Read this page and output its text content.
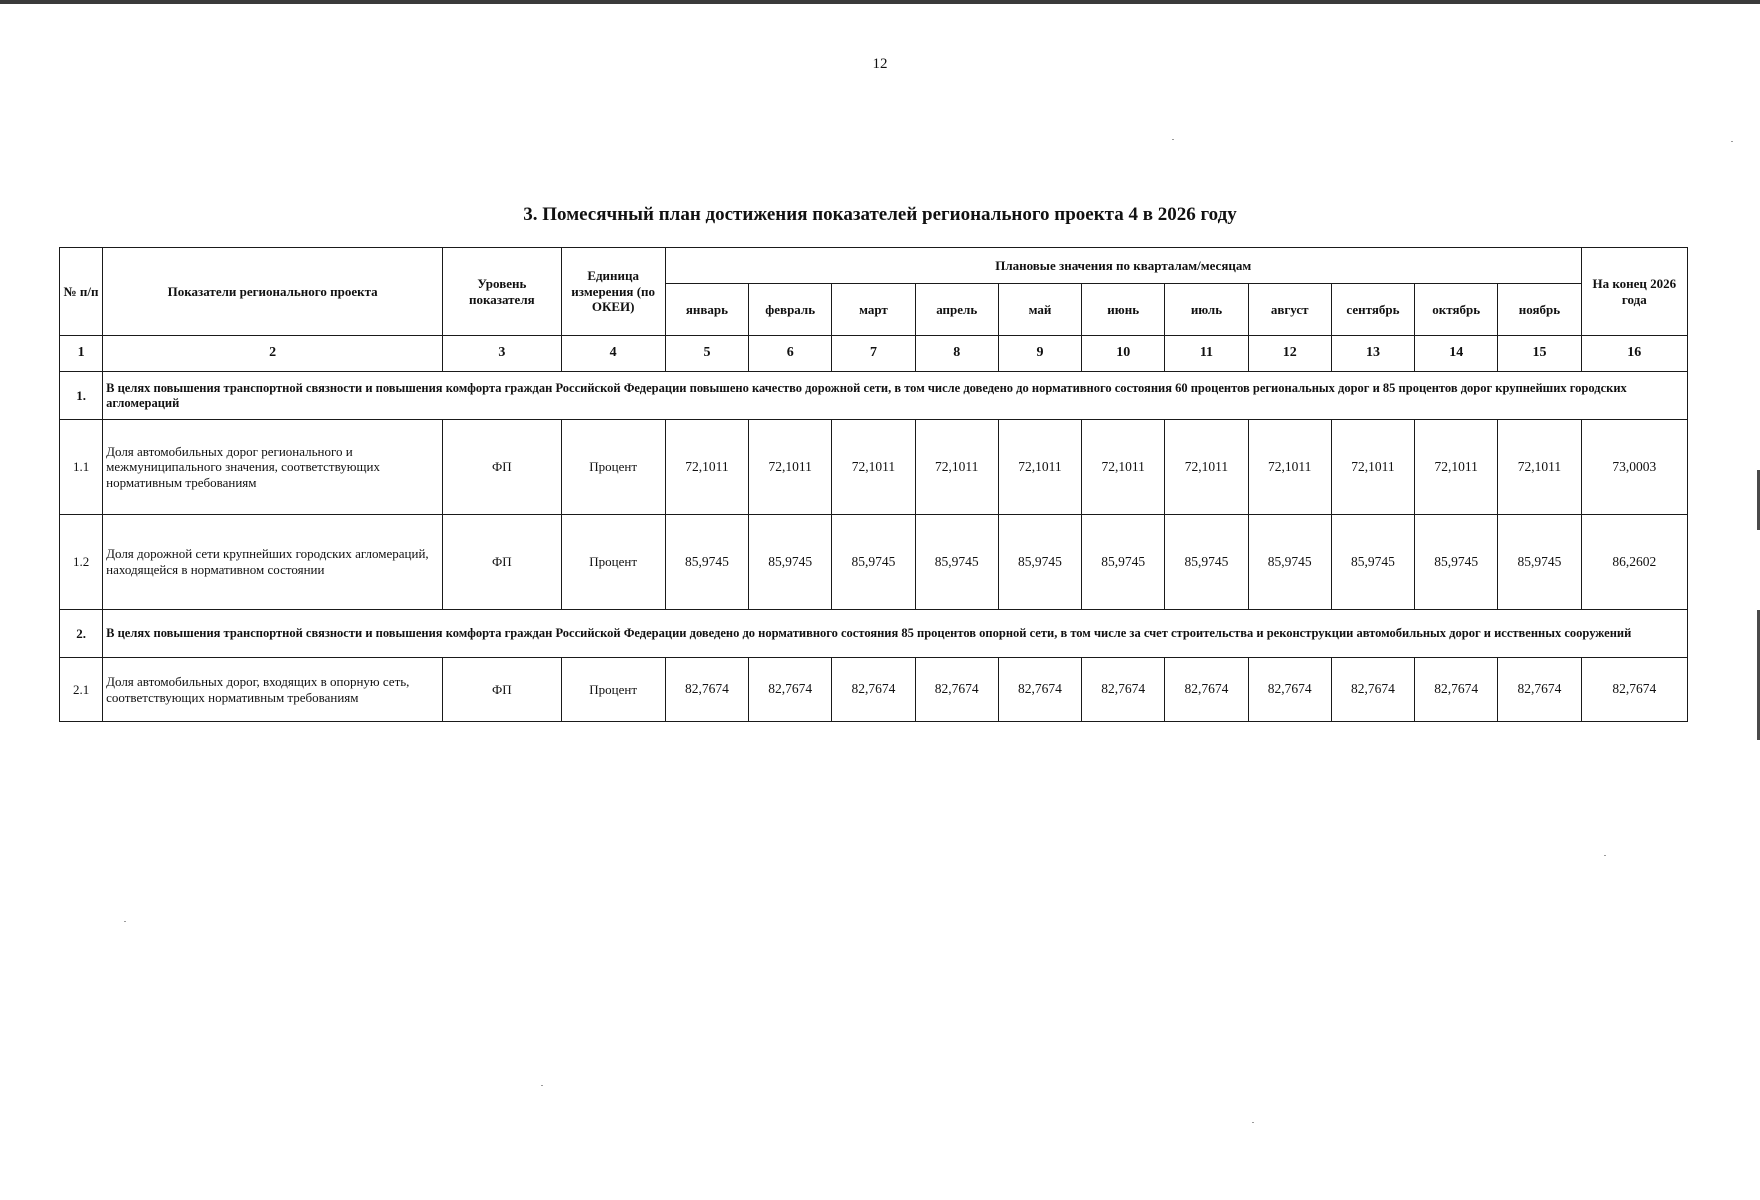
12
3. Помесячный план достижения показателей регионального проекта 4 в 2026 году
№ п/п	Показатели регионального проекта	Уровень показателя	Единица измерения (по ОКЕИ)	Плановые значения по кварталам/месяцам											На конец 2026 года
				январь	февраль	март	апрель	май	июнь	июль	август	сентябрь	октябрь	ноябрь	
1	2	3	4	5	6	7	8	9	10	11	12	13	14	15	16
1.	В целях повышения транспортной связности и повышения комфорта граждан Российской Федерации повышено качество дорожной сети, в том числе доведено до нормативного состояния 60 процентов региональных дорог и 85 процентов дорог крупнейших городских агломераций														
1.1	Доля автомобильных дорог регионального и межмуниципального значения, соответствующих нормативным требованиям	ФП	Процент	72,1011	72,1011	72,1011	72,1011	72,1011	72,1011	72,1011	72,1011	72,1011	72,1011	72,1011	73,0003
1.2	Доля дорожной сети крупнейших городских агломераций, находящейся в нормативном состоянии	ФП	Процент	85,9745	85,9745	85,9745	85,9745	85,9745	85,9745	85,9745	85,9745	85,9745	85,9745	85,9745	86,2602
2.	В целях повышения транспортной связности и повышения комфорта граждан Российской Федерации доведено до нормативного состояния 85 процентов опорной сети, в том числе за счет строительства и реконструкции автомобильных дорог и исственных сооружений														
2.1	Доля автомобильных дорог, входящих в опорную сеть, соответствующих нормативным требованиям	ФП	Процент	82,7674	82,7674	82,7674	82,7674	82,7674	82,7674	82,7674	82,7674	82,7674	82,7674	82,7674	82,7674
